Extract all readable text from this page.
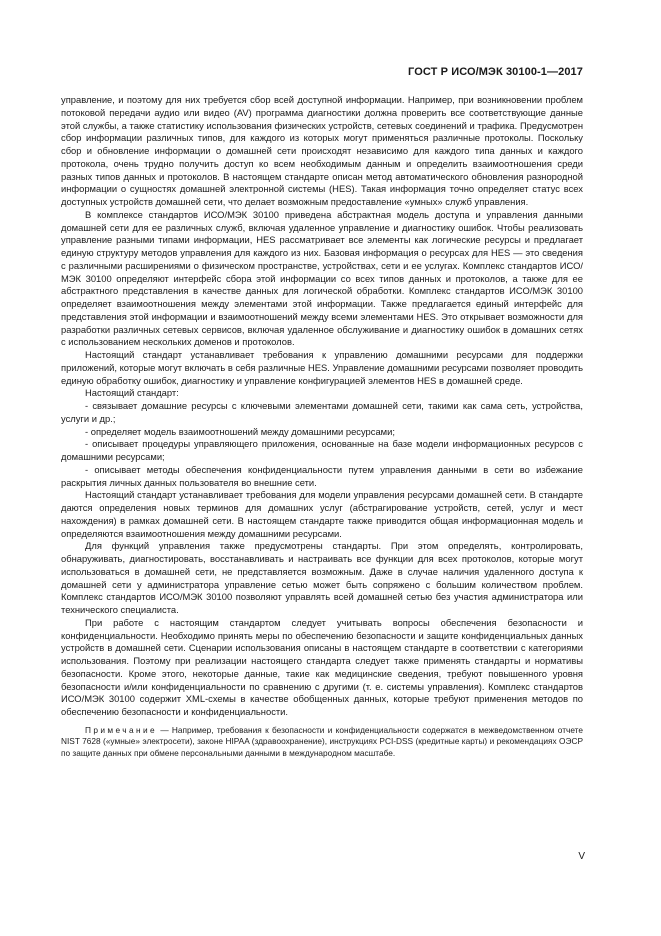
ГОСТ Р ИСО/МЭК 30100-1—2017

управление, и поэтому для них требуется сбор всей доступной информации. Например, при возникновении проблем потоковой передачи аудио или видео (AV) программа диагностики должна проверить все соответствующие данные этой службы, а также статистику использования физических устройств, сетевых соединений и трафика. Предусмотрен сбор информации различных типов, для каждого из которых могут применяться различные протоколы. Поскольку сбор и обновление информации о домашней сети происходят независимо для каждого типа данных и каждого протокола, очень трудно получить доступ ко всем необходимым данным и определить взаимоотношения среди разных типов данных и протоколов. В настоящем стандарте описан метод автоматического обновления разнородной информации о сущностях домашней электронной системы (HES). Такая информация точно определяет статус всех доступных устройств домашней сети, что делает возможным предоставление «умных» служб управления.

В комплексе стандартов ИСО/МЭК 30100 приведена абстрактная модель доступа и управления данными домашней сети для ее различных служб, включая удаленное управление и диагностику ошибок. Чтобы реализовать управление разными типами информации, HES рассматривает все элементы как логические ресурсы и предлагает единую структуру методов управления для каждого из них. Базовая информация о ресурсах для HES — это сведения с различными расширениями о физическом пространстве, устройствах, сети и ее услугах. Комплекс стандартов ИСО/МЭК 30100 определяют интерфейс сбора этой информации со всех типов данных и протоколов, а также для ее абстрактного представления в качестве данных для логической обработки. Комплекс стандартов ИСО/МЭК 30100 определяет взаимоотношения между элементами этой информации. Также предлагается единый интерфейс для представления этой информации и взаимоотношений между всеми элементами HES. Это открывает возможности для разработки различных сетевых сервисов, включая удаленное обслуживание и диагностику ошибок в домашних сетях с использованием нескольких доменов и протоколов.

Настоящий стандарт устанавливает требования к управлению домашними ресурсами для поддержки приложений, которые могут включать в себя различные HES. Управление домашними ресурсами позволяет проводить единую обработку ошибок, диагностику и управление конфигурацией элементов HES в домашней среде.

Настоящий стандарт:

- связывает домашние ресурсы с ключевыми элементами домашней сети, такими как сама сеть, устройства, услуги и др.;

- определяет модель взаимоотношений между домашними ресурсами;

- описывает процедуры управляющего приложения, основанные на базе модели информационных ресурсов с домашними ресурсами;

- описывает методы обеспечения конфиденциальности путем управления данными в сети во избежание раскрытия личных данных пользователя во внешние сети.

Настоящий стандарт устанавливает требования для модели управления ресурсами домашней сети. В стандарте даются определения новых терминов для домашних услуг (абстрагирование устройств, сетей, услуг и мест нахождения) в рамках домашней сети. В настоящем стандарте также приводится общая информационная модель и определяются взаимоотношения между домашними ресурсами.

Для функций управления также предусмотрены стандарты. При этом определять, контролировать, обнаруживать, диагностировать, восстанавливать и настраивать все функции для всех протоколов, которые могут использоваться в домашней сети, не представляется возможным. Даже в случае наличия удаленного доступа к домашней сети у администратора управление сетью может быть сопряжено с большим количеством проблем. Комплекс стандартов ИСО/МЭК 30100 позволяют управлять всей домашней сетью без участия администратора или технического специалиста.

При работе с настоящим стандартом следует учитывать вопросы обеспечения безопасности и конфиденциальности. Необходимо принять меры по обеспечению безопасности и защите конфиденциальных данных устройств в домашней сети. Сценарии использования описаны в настоящем стандарте в соответствии с категориями использования. Поэтому при реализации настоящего стандарта следует также применять стандарты и нормативы безопасности. Кроме этого, некоторые данные, такие как медицинские сведения, требуют повышенного уровня безопасности и/или конфиденциальности по сравнению с другими (т. е. системы управления). Комплекс стандартов ИСО/МЭК 30100 содержит XML-схемы в качестве обобщенных данных, которые требуют применения методов по обеспечению безопасности и конфиденциальности.

Примечание — Например, требования к безопасности и конфиденциальности содержатся в межведомственном отчете NIST 7628 («умные» электросети), законе HIPAA (здравоохранение), инструкциях PCI-DSS (кредитные карты) и рекомендациях ОЭСР по защите данных при обмене персональными данными в международном масштабе.

V
